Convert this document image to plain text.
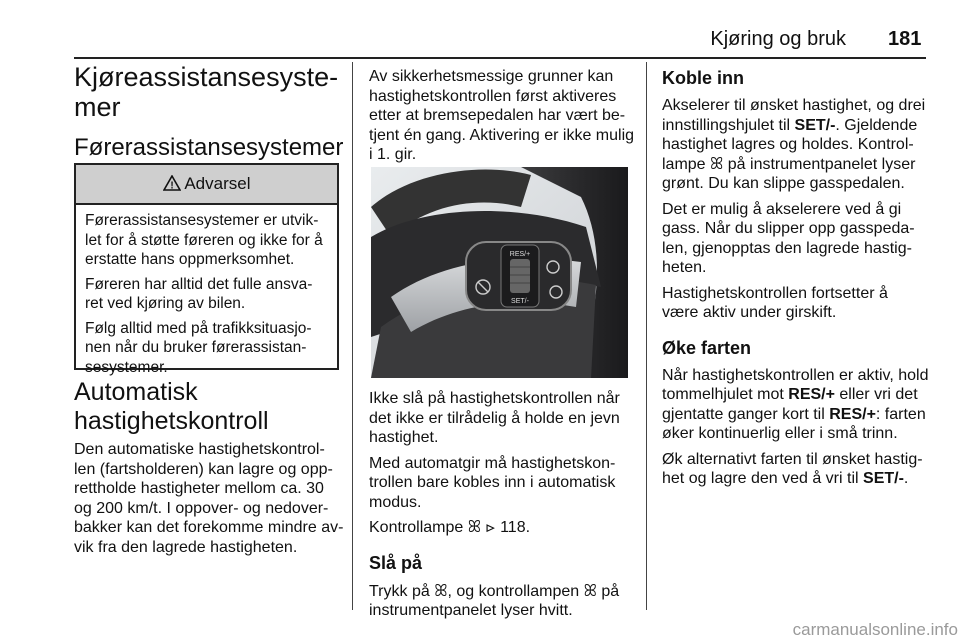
Kjøring og bruk 181
Kjøreassistansesyste-
mer
Førerassistansesystemer
! Advarsel

Førerassistansesystemer er utvik-
let for å støtte føreren og ikke for å
erstatte hans oppmerksomhet.

Føreren har alltid det fulle ansva-
ret ved kjøring av bilen.

Følg alltid med på trafikksituasjo-
nen når du bruker førerassistan-
sesystemer.

Automatisk
hastighetskontroll

Den automatiske hastighetskontrol-
len (fartsholderen) kan lagre og opp-
rettholde hastigheter mellom ca. 30
og 200 km/t. I oppover- og nedover-
bakker kan det forekomme mindre av-
vik fra den lagrede hastigheten.

Av sikkerhetsmessige grunner kan
hastighetskontrollen først aktiveres
etter at bremsepedalen har vært be-
tjent én gang. Aktivering er ikke mulig
i 1. gir.

RES/+
SET/-

Ikke slå på hastighetskontrollen når
det ikke er tilrådelig å holde en jevn
hastighet.

Med automatgir må hastighetskon-
trollen bare kobles inn i automatisk
modus.

Kontrollampe ꕤ ⊳ 118.

Slå på

Trykk på ꕤ, og kontrollampen ꕤ på
instrumentpanelet lyser hvitt.

Koble inn

Akselerer til ønsket hastighet, og drei
innstillingshjulet til SET/-. Gjeldende
hastighet lagres og holdes. Kontrol-
lampe ꕤ på instrumentpanelet lyser
grønt. Du kan slippe gasspedalen.

Det er mulig å akselerere ved å gi
gass. Når du slipper opp gasspeda-
len, gjenopptas den lagrede hastig-
heten.

Hastighetskontrollen fortsetter å
være aktiv under girskift.

Øke farten

Når hastighetskontrollen er aktiv, hold
tommelhjulet mot RES/+ eller vri det
gjentatte ganger kort til RES/+: farten
øker kontinuerlig eller i små trinn.

Øk alternativt farten til ønsket hastig-
het og lagre den ved å vri til SET/-.

carmanualsonline.info
